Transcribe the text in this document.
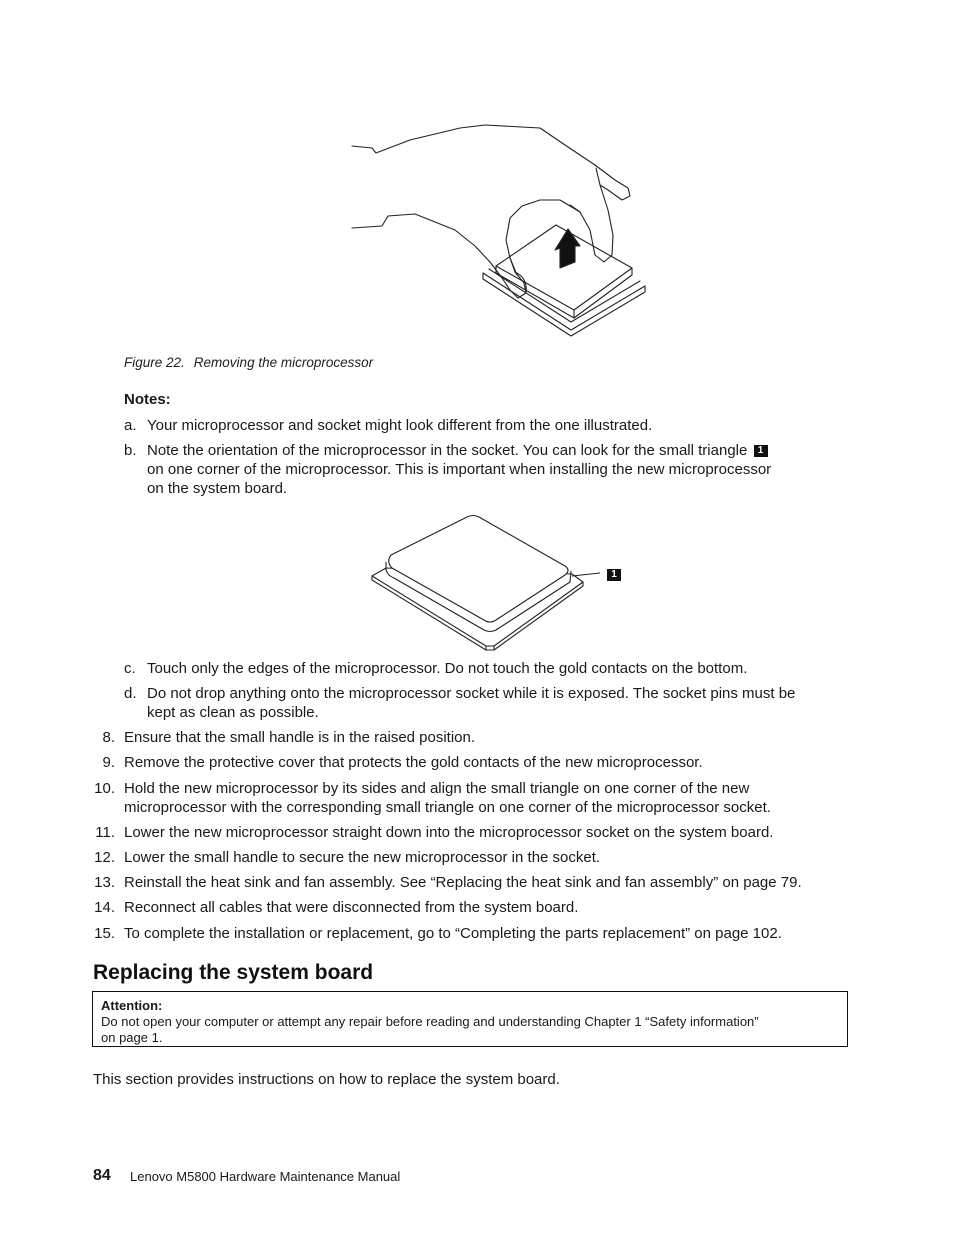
Figure 22. Removing the microprocessor
Notes:
a. Your microprocessor and socket might look different from the one illustrated.
b. Note the orientation of the microprocessor in the socket. You can look for the small triangle 1
on one corner of the microprocessor. This is important when installing the new microprocessor
on the system board.
1
c. Touch only the edges of the microprocessor. Do not touch the gold contacts on the bottom.
d. Do not drop anything onto the microprocessor socket while it is exposed. The socket pins must be
kept as clean as possible.
8. Ensure that the small handle is in the raised position.
9. Remove the protective cover that protects the gold contacts of the new microprocessor.
10. Hold the new microprocessor by its sides and align the small triangle on one corner of the new
microprocessor with the corresponding small triangle on one corner of the microprocessor socket.
11. Lower the new microprocessor straight down into the microprocessor socket on the system board.
12. Lower the small handle to secure the new microprocessor in the socket.
13. Reinstall the heat sink and fan assembly. See “Replacing the heat sink and fan assembly” on page 79.
14. Reconnect all cables that were disconnected from the system board.
15. To complete the installation or replacement, go to “Completing the parts replacement” on page 102.
Replacing the system board
Attention:
Do not open your computer or attempt any repair before reading and understanding Chapter 1 “Safety information”
on page 1.
This section provides instructions on how to replace the system board.
84 Lenovo M5800 Hardware Maintenance Manual
